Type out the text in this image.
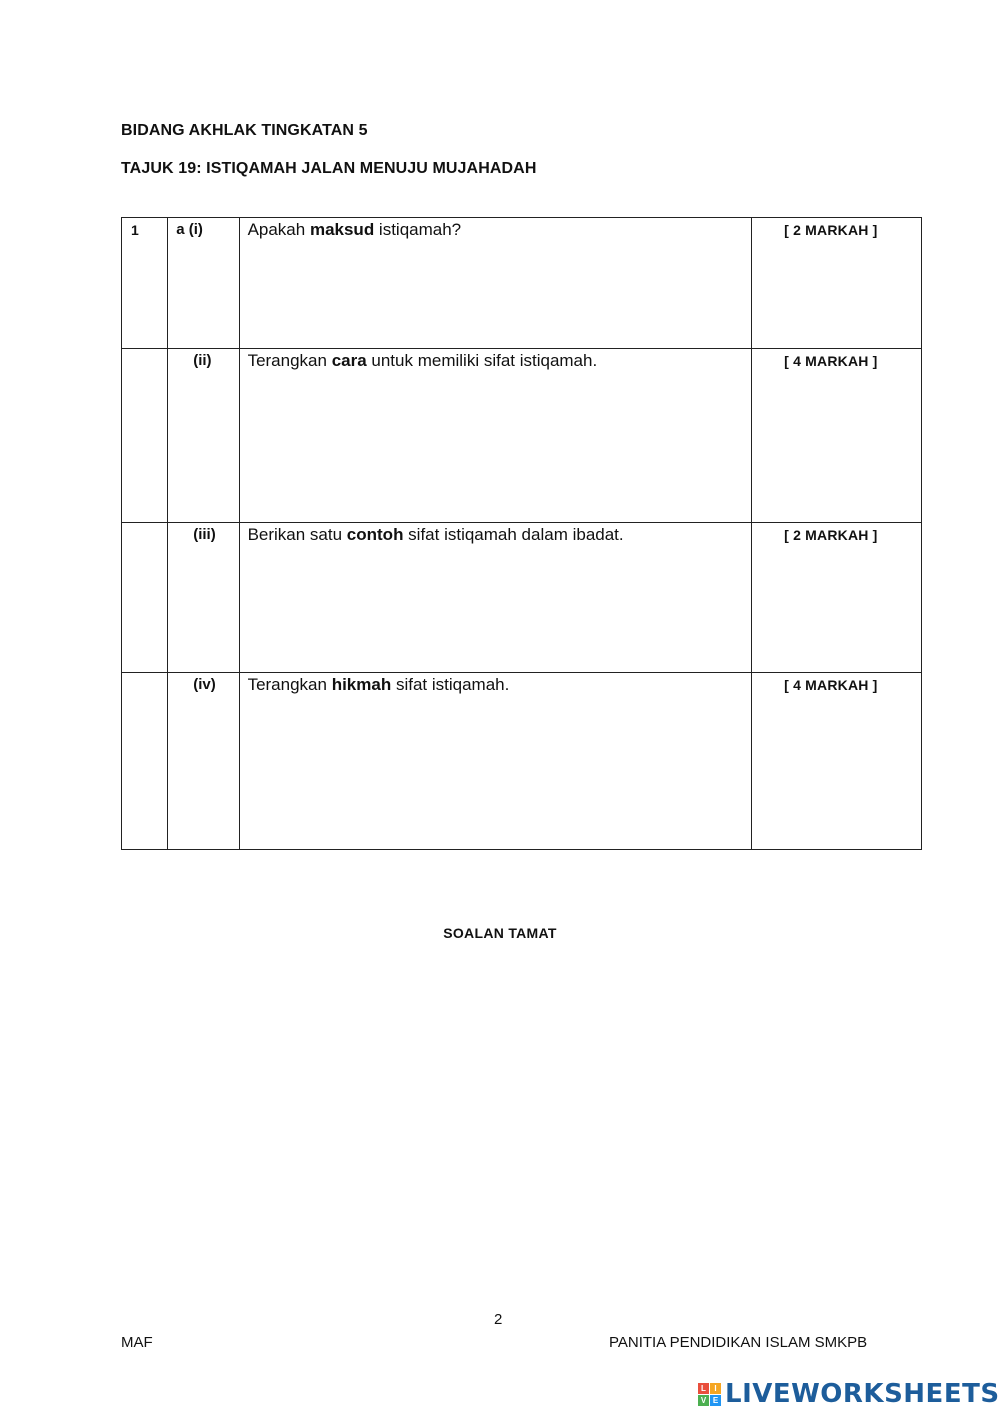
BIDANG AKHLAK TINGKATAN 5
TAJUK 19: ISTIQAMAH JALAN MENUJU MUJAHADAH
1	a (i)	Apakah maksud istiqamah?	[ 2 MARKAH ]

	(ii)	Terangkan cara untuk memiliki sifat istiqamah.	[ 4 MARKAH ]

	(iii)	Berikan satu contoh sifat istiqamah dalam ibadat.	[ 2 MARKAH ]

	(iv)	Terangkan hikmah sifat istiqamah.	[ 4 MARKAH ]
SOALAN TAMAT
2
MAF	PANITIA PENDIDIKAN ISLAM SMKPB
L	I
V E LIVEWORKSHEETS
